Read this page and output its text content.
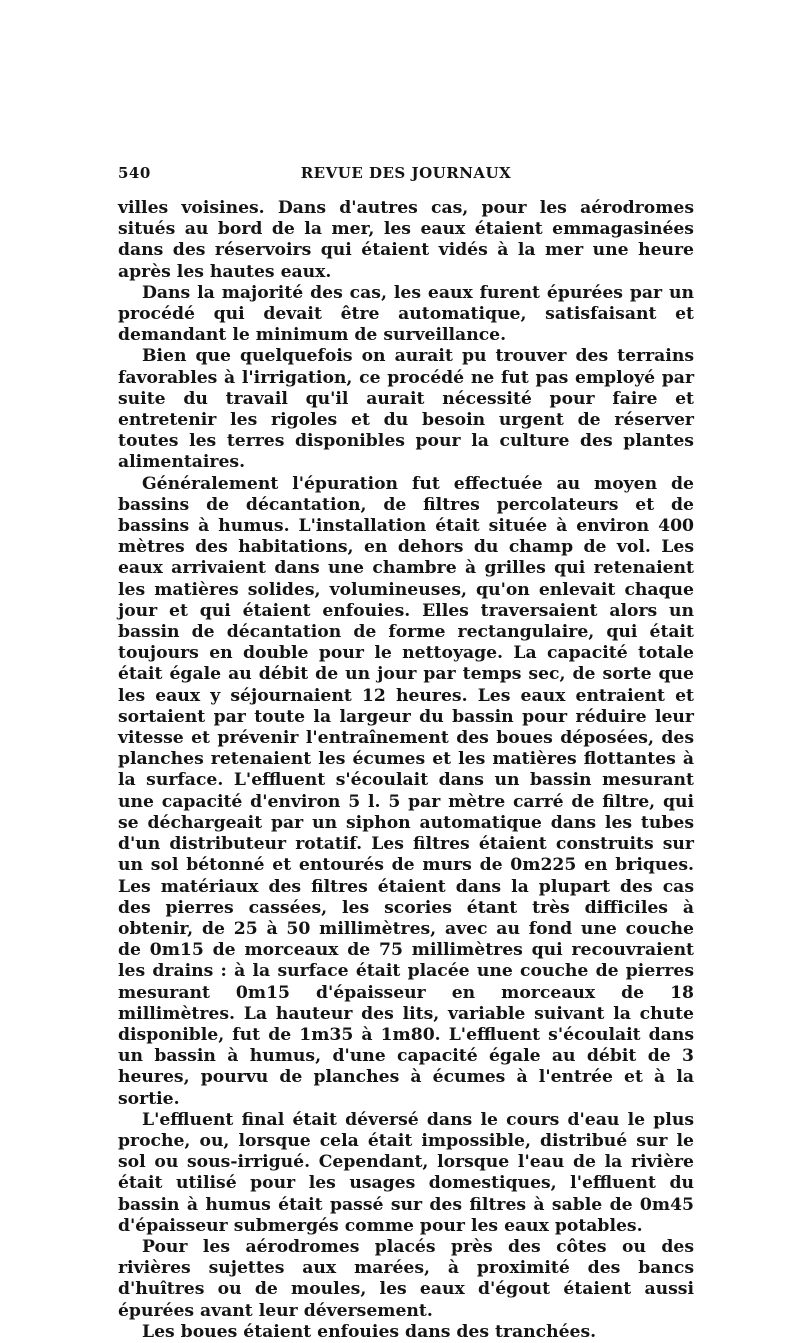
540	REVUE DES JOURNAUX

villes voisines. Dans d'autres cas, pour les aérodromes situés au bord de la mer, les eaux étaient emmagasinées dans des réservoirs qui étaient vidés à la mer une heure après les hautes eaux.

Dans la majorité des cas, les eaux furent épurées par un procédé qui devait être automatique, satisfaisant et demandant le minimum de surveillance.

Bien que quelquefois on aurait pu trouver des terrains favorables à l'irrigation, ce procédé ne fut pas employé par suite du travail qu'il aurait nécessité pour faire et entretenir les rigoles et du besoin urgent de réserver toutes les terres disponibles pour la culture des plantes alimentaires.

Généralement l'épuration fut effectuée au moyen de bassins de décantation, de filtres percolateurs et de bassins à humus. L'installation était située à environ 400 mètres des habitations, en dehors du champ de vol. Les eaux arrivaient dans une chambre à grilles qui retenaient les matières solides, volumineuses, qu'on enlevait chaque jour et qui étaient enfouies. Elles traversaient alors un bassin de décantation de forme rectangulaire, qui était toujours en double pour le nettoyage. La capacité totale était égale au débit de un jour par temps sec, de sorte que les eaux y séjournaient 12 heures. Les eaux entraient et sortaient par toute la largeur du bassin pour réduire leur vitesse et prévenir l'entraînement des boues déposées, des planches retenaient les écumes et les matières flottantes à la surface. L'effluent s'écoulait dans un bassin mesurant une capacité d'environ 5 l. 5 par mètre carré de filtre, qui se déchargeait par un siphon automatique dans les tubes d'un distributeur rotatif. Les filtres étaient construits sur un sol bétonné et entourés de murs de 0m225 en briques. Les matériaux des filtres étaient dans la plupart des cas des pierres cassées, les scories étant très difficiles à obtenir, de 25 à 50 millimètres, avec au fond une couche de 0m15 de morceaux de 75 millimètres qui recouvraient les drains : à la surface était placée une couche de pierres mesurant 0m15 d'épaisseur en morceaux de 18 millimètres. La hauteur des lits, variable suivant la chute disponible, fut de 1m35 à 1m80. L'effluent s'écoulait dans un bassin à humus, d'une capacité égale au débit de 3 heures, pourvu de planches à écumes à l'entrée et à la sortie.

L'effluent final était déversé dans le cours d'eau le plus proche, ou, lorsque cela était impossible, distribué sur le sol ou sous-irrigué. Cependant, lorsque l'eau de la rivière était utilisé pour les usages domestiques, l'effluent du bassin à humus était passé sur des filtres à sable de 0m45 d'épaisseur submergés comme pour les eaux potables.

Pour les aérodromes placés près des côtes ou des rivières sujettes aux marées, à proximité des bancs d'huîtres ou de moules, les eaux d'égout étaient aussi épurées avant leur déversement.

Les boues étaient enfouies dans des tranchées.
